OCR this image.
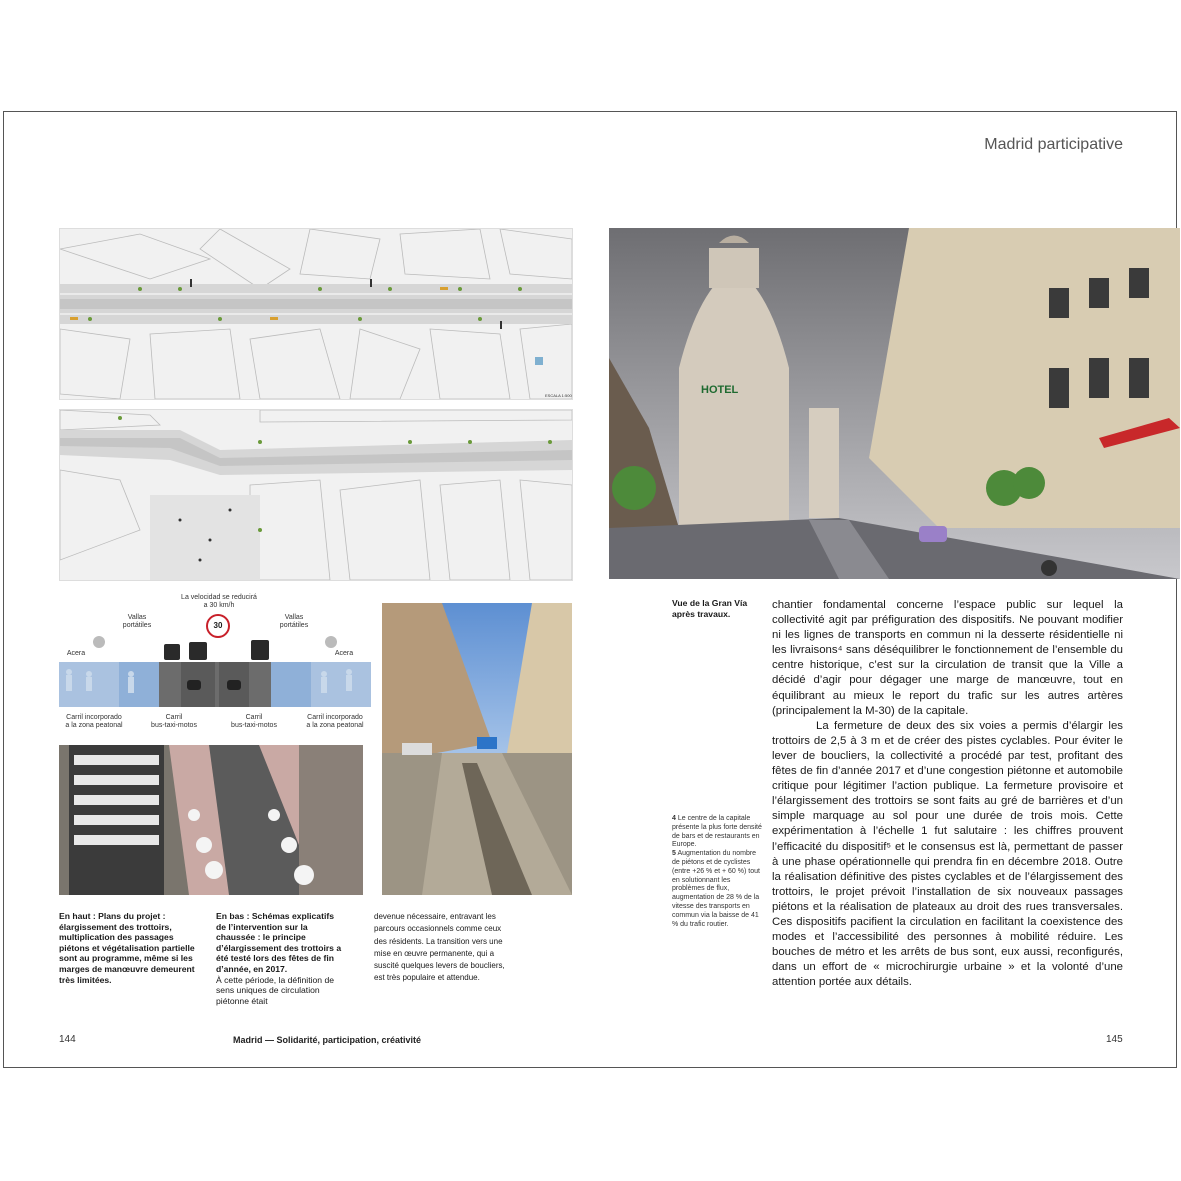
Madrid participative
ESCALA 1:500
La velocidad se reducirá
a 30 km/h
30
Vallas
portátiles
Vallas
portátiles
Acera	Acera
Carril incorporado
a la zona peatonal
Carril
bus-taxi-motos
Carril
bus-taxi-motos
Carril incorporado
a la zona peatonal
HOTEL
En haut : Plans du projet : élargissement des trottoirs, multiplication des passages piétons et végétalisation partielle sont au programme, même si les marges de manœuvre demeurent très limitées.
En bas : Schémas explicatifs de l’intervention sur la chaussée : le principe d’élargissement des trottoirs a été testé lors des fêtes de fin d’année, en 2017.
À cette période, la définition de sens uniques de circulation piétonne était
devenue nécessaire, entravant les parcours occasionnels comme ceux des résidents. La transition vers une mise en œuvre permanente, qui a suscité quelques levers de boucliers, est très populaire et attendue.
Vue de la Gran Vía après travaux.
4 Le centre de la capitale présente la plus forte densité de bars et de restaurants en Europe.
5 Augmentation du nombre de piétons et de cyclistes (entre +26 % et + 60 %) tout en solutionnant les problèmes de flux, augmentation de 28 % de la vitesse des transports en commun via la baisse de 41 % du trafic routier.

chantier fondamental concerne l’espace public sur lequel la collectivité agit par préfiguration des dispositifs. Ne pouvant modifier ni les lignes de transports en commun ni la desserte résidentielle ni les livraisons⁴ sans déséquilibrer le fonctionnement de l’ensemble du centre historique, c’est sur la circulation de transit que la Ville a décidé d’agir pour dégager une marge de manœuvre, tout en équilibrant au mieux le report du trafic sur les autres artères (principalement la M-30) de la capitale.

La fermeture de deux des six voies a permis d’élargir les trottoirs de 2,5 à 3 m et de créer des pistes cyclables. Pour éviter le lever de boucliers, la collectivité a procédé par test, profitant des fêtes de fin d’année 2017 et d’une congestion piétonne et automobile critique pour légitimer l’action publique. La fermeture provisoire et l’élargissement des trottoirs se sont faits au gré de barrières et d’un simple marquage au sol pour une durée de trois mois. Cette expérimentation à l’échelle 1 fut salutaire : les chiffres prouvent l’efficacité du dispositif⁵ et le consensus est là, permettant de passer à une phase opérationnelle qui prendra fin en décembre 2018. Outre la réalisation définitive des pistes cyclables et de l’élargissement des trottoirs, le projet prévoit l’installation de six nouveaux passages piétons et la réalisation de plateaux au droit des rues transversales. Ces dispositifs pacifient la circulation en facilitant la coexistence des modes et l’accessibilité des personnes à mobilité réduire. Les bouches de métro et les arrêts de bus sont, eux aussi, reconfigurés, dans un effort de « microchirurgie urbaine » et la volonté d’une attention portée aux détails.

144	Madrid — Solidarité, participation, créativité	145
